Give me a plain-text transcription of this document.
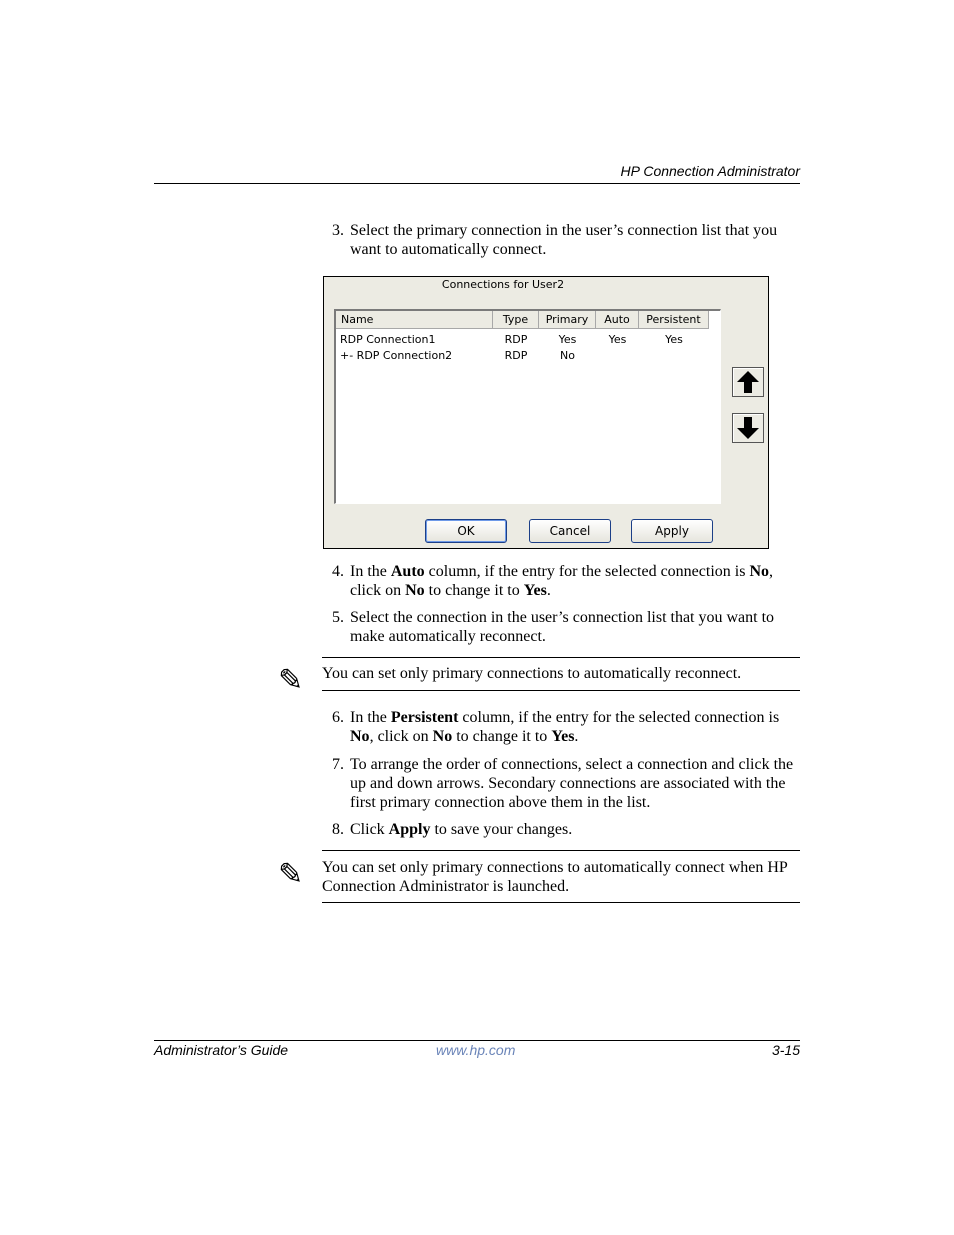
HP Connection Administrator
3. Select the primary connection in the user’s connection list that you want to automatically connect.
Connections for User2
Name	Type	Primary	Auto	Persistent
RDP Connection1	RDP	Yes	Yes	Yes
+- RDP Connection2	RDP	No
OK	Cancel	Apply
4. In the Auto column, if the entry for the selected connection is No, click on No to change it to Yes.
5. Select the connection in the user’s connection list that you want to make automatically reconnect.
✎ You can set only primary connections to automatically reconnect.
6. In the Persistent column, if the entry for the selected connection is No, click on No to change it to Yes.
7. To arrange the order of connections, select a connection and click the up and down arrows. Secondary connections are associated with the first primary connection above them in the list.
8. Click Apply to save your changes.
✎ You can set only primary connections to automatically connect when HP Connection Administrator is launched.
Administrator’s Guide	www.hp.com	3-15
